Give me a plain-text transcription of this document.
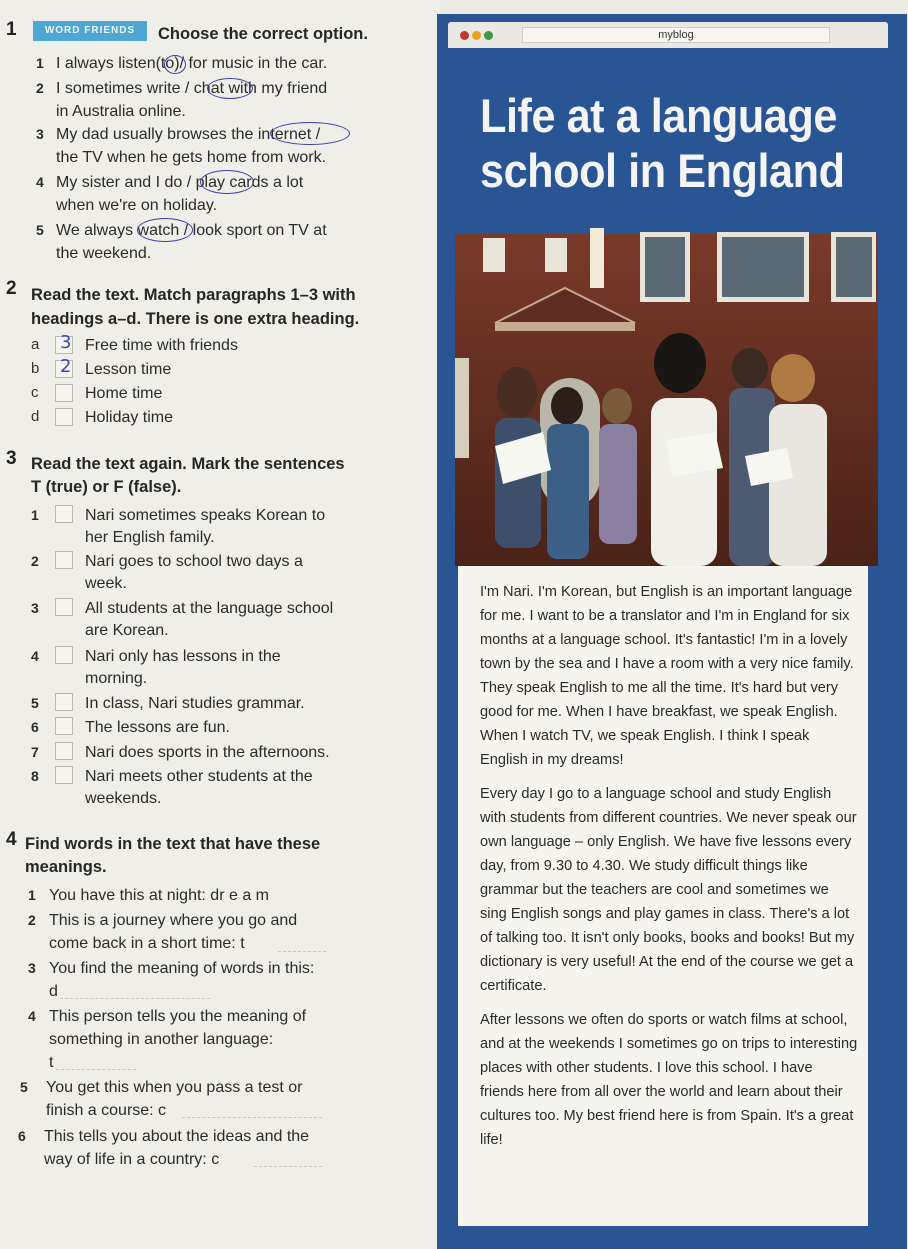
1	WORD FRIENDS	Choose the correct option.
1 I always listen(to)/ for music in the car.
2 I sometimes write / chat with my friend
in Australia online.
3 My dad usually browses the internet /
the TV when he gets home from work.
4 My sister and I do / play cards a lot
when we're on holiday.
5 We always watch / look sport on TV at
the weekend.
2 Read the text. Match paragraphs 1–3 with
headings a–d. There is one extra heading.
a 3 Free time with friends
b 2 Lesson time
c	Home time
d	Holiday time
3 Read the text again. Mark the sentences
T (true) or F (false).
1	Nari sometimes speaks Korean to
her English family.
2	Nari goes to school two days a
week.
3	All students at the language school
are Korean.
4	Nari only has lessons in the
morning.
5	In class, Nari studies grammar.
6	The lessons are fun.
7	Nari does sports in the afternoons.
8	Nari meets other students at the
weekends.
4 Find words in the text that have these
meanings.
1 You have this at night: dr e a m
2 This is a journey where you go and
come back in a short time: t
3 You find the meaning of words in this:
d
4 This person tells you the meaning of
something in another language:
t
5 You get this when you pass a test or
finish a course: c
6 This tells you about the ideas and the
way of life in a country: c
myblog
Life at a language
school in England

I'm Nari. I'm Korean, but English is an important language for me. I want to be a translator and I'm in England for six months at a language school. It's fantastic! I'm in a lovely town by the sea and I have a room with a very nice family. They speak English to me all the time. It's hard but very good for me. When I have breakfast, we speak English. When I watch TV, we speak English. I think I speak English in my dreams!

Every day I go to a language school and study English with students from different countries. We never speak our own language – only English. We have five lessons every day, from 9.30 to 4.30. We study difficult things like grammar but the teachers are cool and sometimes we sing English songs and play games in class. There's a lot of talking too. It isn't only books, books and books! But my dictionary is very useful! At the end of the course we get a certificate.

After lessons we often do sports or watch films at school, and at the weekends I sometimes go on trips to interesting places with other students. I love this school. I have friends here from all over the world and learn about their cultures too. My best friend here is from Spain. It's a great life!
